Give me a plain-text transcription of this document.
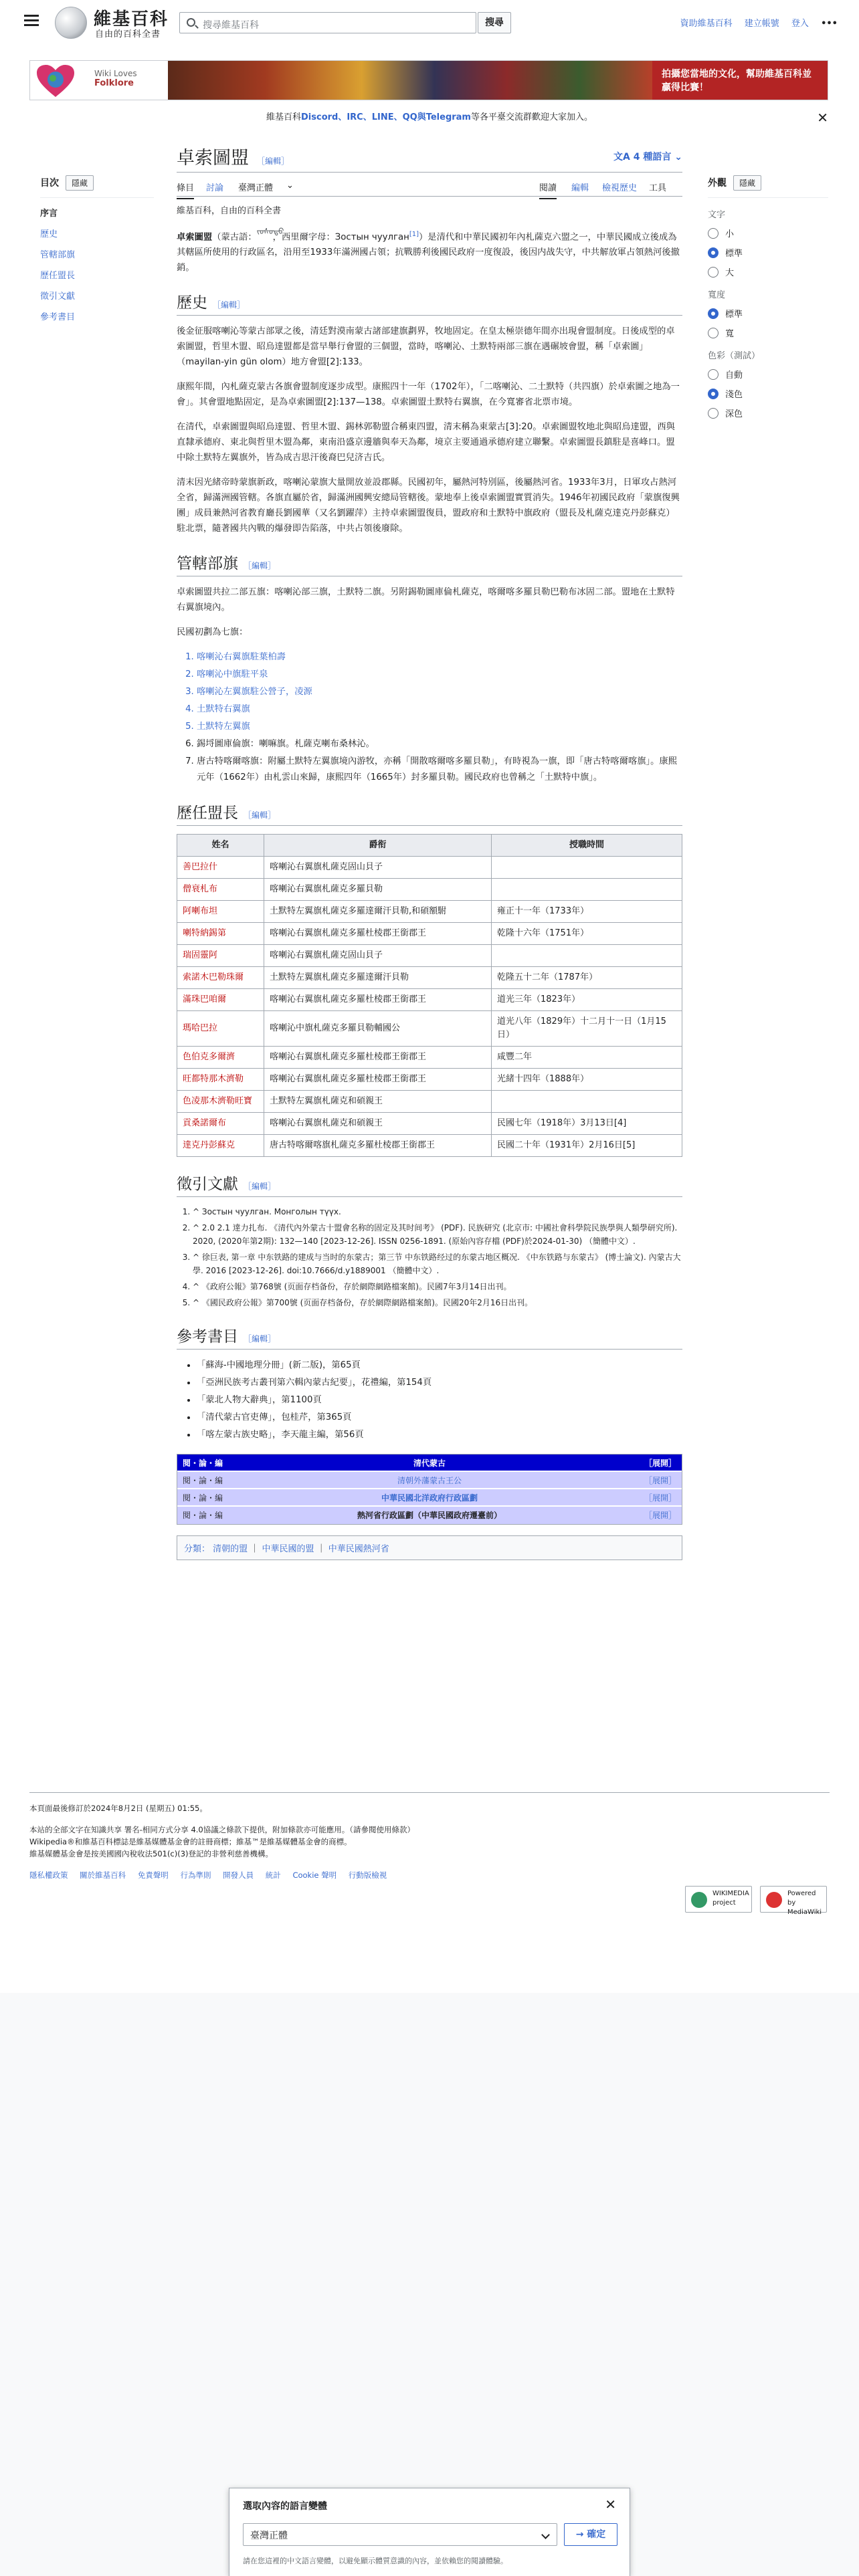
維基百科
自由的百科全書
搜尋維基百科	搜尋	資助維基百科 建立帳號 登入 •••
Wiki Loves
Folklore
拍攝您當地的文化，幫助維基百科並贏得比賽！
維基百科Discord、IRC、LINE、QQ與Telegram等各平臺交流群歡迎大家加入。	✕
目次 隱藏
序言
歷史
管轄部旗
歷任盟長
徵引文獻
參考書目
卓索圖盟 ［編輯］	文A 4 種語言 ⌄
條目 討論 臺灣正體 ⌄	閱讀 編輯 檢視歷史 工具
維基百科，自由的百科全書

卓索圖盟（蒙古語：ᠵᠣᠰᠣᠲᠤ，西里爾字母：Зостын чуулган[1]）是清代和中華民國初年內札薩克六盟之一，中華民國成立後成為其轄區所使用的行政區名，沿用至1933年滿洲國占領；抗戰勝利後國民政府一度復設，後因内战失守，中共解放軍占領熱河後撤銷。

歷史 ［編輯］

後金征服喀喇沁等蒙古部眾之後，清廷對漠南蒙古諸部建旗劃界，牧地固定。在皇太極崇德年間亦出現會盟制度。日後成型的卓索圖盟，哲里木盟、昭烏達盟都是當早舉行會盟的三個盟，當時，喀喇沁、土默特兩部三旗在遇碾坡會盟，稱「卓索圖」（mayilan-yin gün olom）地方會盟[2]:133。

康熙年間，內札薩克蒙古各旗會盟制度逐步成型。康熙四十一年（1702年），「二喀喇沁、二土默特（共四旗）於卓索圖之地為一會」。其會盟地點固定，是為卓索圖盟[2]:137—138。卓索圖盟土默特右翼旗，在今寬審省北票市境。

在清代，卓索圖盟與昭烏達盟、哲里木盟、錫林郭勒盟合稱東四盟，清末稱為東蒙古[3]:20。卓索圖盟牧地北與昭烏達盟，西與直隸承德府、東北與哲里木盟為鄰，東南沿盛京邊牆與奉天為鄰，境京主要通過承德府建立聯繫。卓索圖盟長鎮駐是喜峰口。盟中除土默特左翼旗外，皆為成吉思汗後裔巴兒济吉氏。

清末因光緒帝時蒙旗新政，喀喇沁蒙旗大量開放並設郡縣。民國初年，屬熱河特別區，後屬熱河省。1933年3月，日軍攻占熱河全省，歸滿洲國管轄。各旗直屬於省，歸滿洲國興安總局管轄後。蒙地奉上後卓索圖盟實質消失。1946年初國民政府「蒙旗復興團」成員兼熱河省教育廳長劉國華（又名劉躍萍）主持卓索圖盟復員，盟政府和土默特中旗政府（盟長及札薩克達克丹彭蘇克）駐北票，隨著國共內戰的爆發即告陷落，中共占領後廢除。

管轄部旗 ［編輯］

卓索圖盟共拉二部五旗：喀喇沁部三旗，土默特二旗。另附錫勒圖庫倫札薩克，喀爾喀多羅貝勒巴勒布冰固二部。盟地在土默特右翼旗境內。

民國初劃為七旗：

1. 喀喇沁右翼旗駐葉柏壽
2. 喀喇沁中旗駐平泉
3. 喀喇沁左翼旗駐公營子，凌源
4. 土默特右翼旗
5. 土默特左翼旗
6. 錫埒圖庫倫旗：喇嘛旗。札薩克喇布桑林沁。
7. 唐古特喀爾喀旗：附屬土默特左翼旗境內游牧，亦稱「開散喀爾喀多羅貝勒」，有時視為一旗，即「唐古特喀爾喀旗」。康熙元年（1662年）由札雲山來歸，康熙四年（1665年）封多羅貝勒。國民政府也曾稱之「土默特中旗」。
歷任盟長 ［編輯］
姓名	爵衔	授職時間
善巴拉什	喀喇沁右翼旗札薩克固山貝子	
僧衰札布	喀喇沁右翼旗札薩克多羅貝勒	
阿喇布坦	土默特左翼旗札薩克多羅達爾汗貝勒,和碩額駙	雍正十一年（1733年）
喇特納錫第	喀喇沁右翼旗札薩克多羅杜棱郡王銜郡王	乾隆十六年（1751年）
瑞固靈阿	喀喇沁右翼旗札薩克固山貝子	
索諾木巴勒珠爾	土默特左翼旗札薩克多羅達爾汗貝勒	乾隆五十二年（1787年）
滿珠巴咱爾	喀喇沁右翼旗札薩克多羅杜棱郡王銜郡王	道光三年（1823年）
瑪哈巴拉	喀喇沁中旗札薩克多羅貝勒輔國公	道光八年（1829年）十二月十一日（1月15日）
色伯克多爾濟	喀喇沁右翼旗札薩克多羅杜棱郡王銜郡王	咸豐二年
旺都特那木濟勒	喀喇沁右翼旗札薩克多羅杜棱郡王銜郡王	光緒十四年（1888年）
色凌那木濟勒旺寶	土默特左翼旗札薩克和碩親王	
貢桑諾爾布	喀喇沁右翼旗札薩克和碩親王	民國七年（1918年）3月13日[4]
達克丹彭蘇克	唐古特喀爾喀旗札薩克多羅杜棱郡王銜郡王	民國二十年（1931年）2月16日[5]
徵引文獻 ［編輯］
1. ^ Зостын чуулган. Монголын түүх.
2. ^ 2.0 2.1 達力扎布. 《清代內外蒙古十盟會名称的固定及其时间考》 (PDF). 民族研究 (北京市: 中國社會科學院民族學與人類學研究所). 2020, (2020年第2期): 132—140 [2023-12-26]. ISSN 0256-1891. (原始內容存檔 (PDF)於2024-01-30) （簡體中文）.
3. ^ 徐巨表, 第一章 中东铁路的建成与当时的东蒙古；第三节 中东铁路经过的东蒙古地区概况. 《中东铁路与东蒙古》 (博士論文). 內蒙古大學. 2016 [2023-12-26]. doi:10.7666/d.y1889001 （簡體中文）.
4. ^ 《政府公報》第768號 (页面存档备份，存於網際網路檔案館)。民國7年3月14日出刊。
5. ^ 《國民政府公報》第700號 (页面存档备份，存於網際網路檔案館)。民國20年2月16日出刊。
參考書目 ［編輯］
• 「蘇海-中國地理分冊」(新二版)，第65頁
• 「亞洲民族考古叢刊第六輯內蒙古紀要」，花禮編，第154頁
• 「蒙北人物大辭典」，第1100頁
• 「清代蒙古官吏傳」，包桂芹，第365頁
• 「喀左蒙古族史略」，李天龍主編，第56頁
閱・論・編	清代蒙古	［展開］
閱・論・編	清朝外藩蒙古王公	［展開］
閱・論・編	中華民國北洋政府行政區劃	［展開］
閱・論・編	熱河省行政區劃（中華民國政府遷臺前）	［展開］
分類： 清朝的盟 ｜ 中華民國的盟 ｜ 中華民國熱河省
外觀 隱藏
文字
小
標準
大
寬度
標準
寬
色彩（測試）
自動
淺色
深色
本頁面最後修訂於2024年8月2日 (星期五) 01:55。
本站的全部文字在知識共享 署名-相同方式分享 4.0協議之條款下提供，附加條款亦可能應用。（請參閱使用條款）
Wikipedia®和維基百科標誌是維基媒體基金會的註冊商標；維基™是維基媒體基金會的商標。
維基媒體基金會是按美國國內稅收法501(c)(3)登記的非營利慈善機構。
隱私權政策 關於維基百科 免責聲明 行為準則 開發人員 統計 Cookie 聲明 行動版檢視
WIKIMEDIA project
Powered by MediaWiki
選取內容的語言變體	✕
臺灣正體	→ 確定
請在您這裡的中文語言變體，以避免顯示體質意識的內容，並依賴您的閱讀體驗。
